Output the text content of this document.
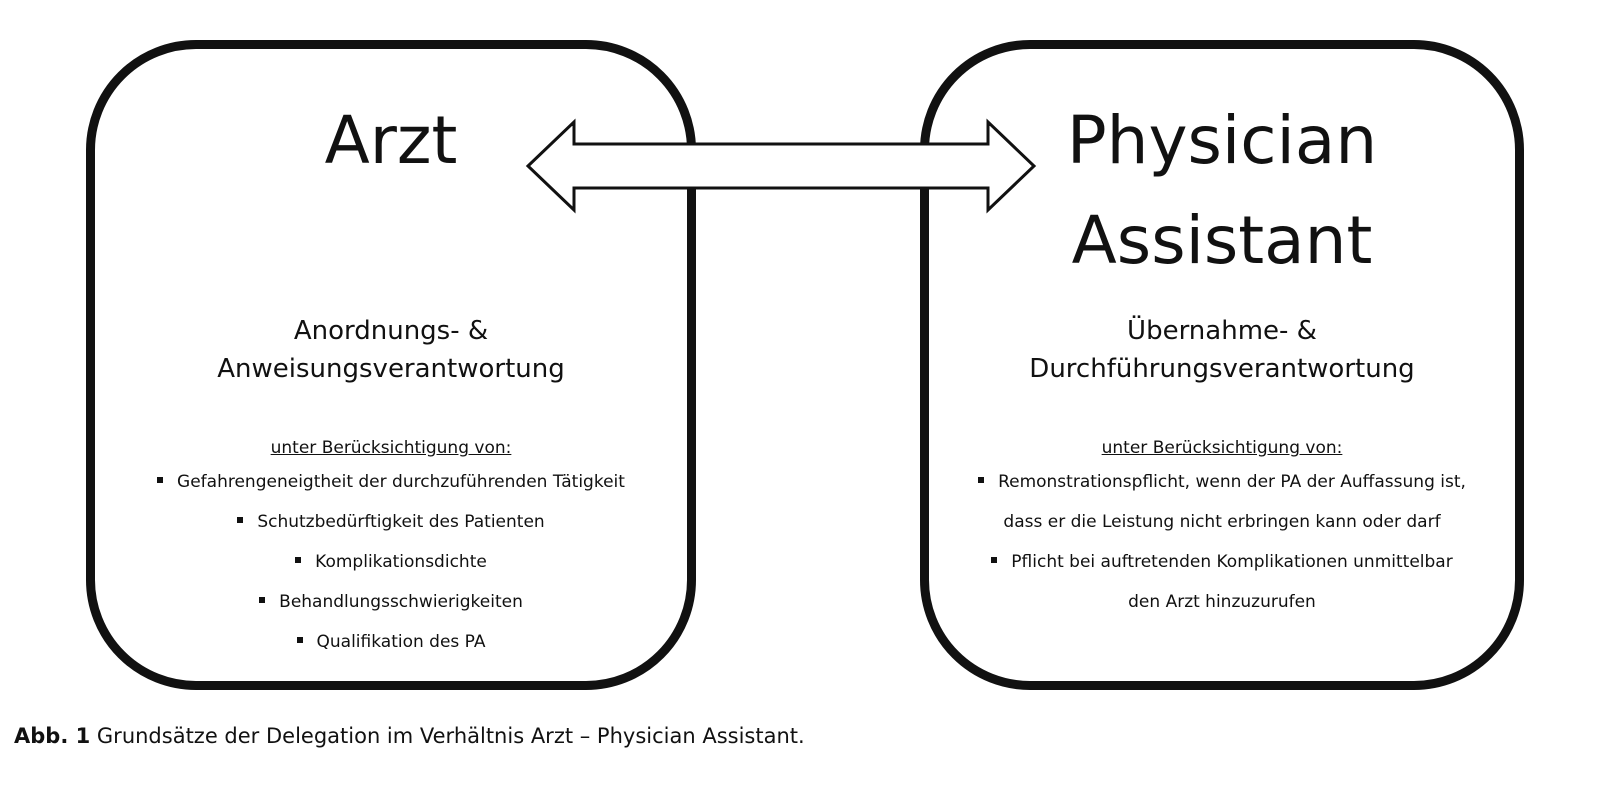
Arzt

Anordnungs- &
Anweisungsverantwortung

unter Berücksichtigung von:
Gefahrengeneigtheit der durchzuführenden Tätigkeit
Schutzbedürftigkeit des Patienten
Komplikationsdichte
Behandlungsschwierigkeiten
Qualifikation des PA
Physician
Assistant

Übernahme- &
Durchführungsverantwortung

unter Berücksichtigung von:
Remonstrationspflicht, wenn der PA der Auffassung ist,
dass er die Leistung nicht erbringen kann oder darf
Pflicht bei auftretenden Komplikationen unmittelbar
den Arzt hinzuzurufen
Abb. 1 Grundsätze der Delegation im Verhältnis Arzt – Physician Assistant.
